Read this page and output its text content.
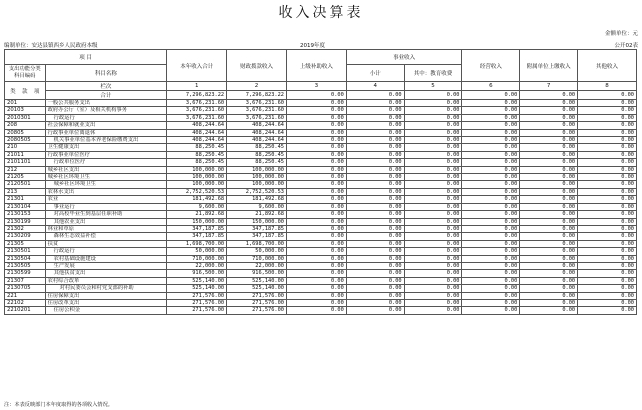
收入决算表
金额单位：元
编制单位：安达县镇西乡人民政府本级	2019年度	公开02表
项 目		本年收入合计	财政拨款收入	上级补助收入	事业收入		经营收入	附属单位上缴收入	其他收入
支出功能分类科目编码	科目名称				小计	其中：教育收费			

类 款 项	栏次	1	2	3	4	5	6	7	8
	合计	7,296,823.22	7,296,823.22	0.00	0.00	0.00	0.00	0.00	0.00
201	一般公共服务支出	3,676,231.60	3,676,231.60	0.00	0.00	0.00	0.00	0.00	0.00
20103	政府办公厅（室）及相关机构事务	3,676,231.60	3,676,231.60	0.00	0.00	0.00	0.00	0.00	0.00
2010301	行政运行	3,676,231.60	3,676,231.60	0.00	0.00	0.00	0.00	0.00	0.00
208	社会保障和就业支出	408,244.64	408,244.64	0.00	0.00	0.00	0.00	0.00	0.00
20805	行政事业单位离退休	408,244.64	408,244.64	0.00	0.00	0.00	0.00	0.00	0.00
2080505	机关事业单位基本养老保险缴费支出	408,244.64	408,244.64	0.00	0.00	0.00	0.00	0.00	0.00
210	卫生健康支出	88,250.45	88,250.45	0.00	0.00	0.00	0.00	0.00	0.00
21011	行政事业单位医疗	88,250.45	88,250.45	0.00	0.00	0.00	0.00	0.00	0.00
2101101	行政单位医疗	88,250.45	88,250.45	0.00	0.00	0.00	0.00	0.00	0.00
212	城乡社区支出	100,000.00	100,000.00	0.00	0.00	0.00	0.00	0.00	0.00
21205	城乡社区环境卫生	100,000.00	100,000.00	0.00	0.00	0.00	0.00	0.00	0.00
2120501	城乡社区环境卫生	100,000.00	100,000.00	0.00	0.00	0.00	0.00	0.00	0.00
213	农林水支出	2,752,520.53	2,752,520.53	0.00	0.00	0.00	0.00	0.00	0.00
21301	农业	181,492.68	181,492.68	0.00	0.00	0.00	0.00	0.00	0.00
2130104	事业运行	9,600.00	9,600.00	0.00	0.00	0.00	0.00	0.00	0.00
2130153	对高校毕业生到基层任职补助	21,892.68	21,892.68	0.00	0.00	0.00	0.00	0.00	0.00
2130199	其他农业支出	150,000.00	150,000.00	0.00	0.00	0.00	0.00	0.00	0.00
21302	林业和草原	347,187.85	347,187.85	0.00	0.00	0.00	0.00	0.00	0.00
2130209	森林生态效益补偿	347,187.85	347,187.85	0.00	0.00	0.00	0.00	0.00	0.00
21305	扶贫	1,698,700.00	1,698,700.00	0.00	0.00	0.00	0.00	0.00	0.00
2130501	行政运行	50,000.00	50,000.00	0.00	0.00	0.00	0.00	0.00	0.00
2130504	农村基础设施建设	710,000.00	710,000.00	0.00	0.00	0.00	0.00	0.00	0.00
2130505	生产发展	22,000.00	22,000.00	0.00	0.00	0.00	0.00	0.00	0.00
2130599	其他扶贫支出	916,500.00	916,500.00	0.00	0.00	0.00	0.00	0.00	0.00
21307	农村综合改革	525,140.00	525,140.00	0.00	0.00	0.00	0.00	0.00	0.00
2130705	对村民委员会和村党支部的补助	525,140.00	525,140.00	0.00	0.00	0.00	0.00	0.00	0.00
221	住房保障支出	271,576.00	271,576.00	0.00	0.00	0.00	0.00	0.00	0.00
22102	住房改革支出	271,576.00	271,576.00	0.00	0.00	0.00	0.00	0.00	0.00
2210201	住房公积金	271,576.00	271,576.00	0.00	0.00	0.00	0.00	0.00	0.00
注：本表反映部门本年度取得的各项收入情况。
